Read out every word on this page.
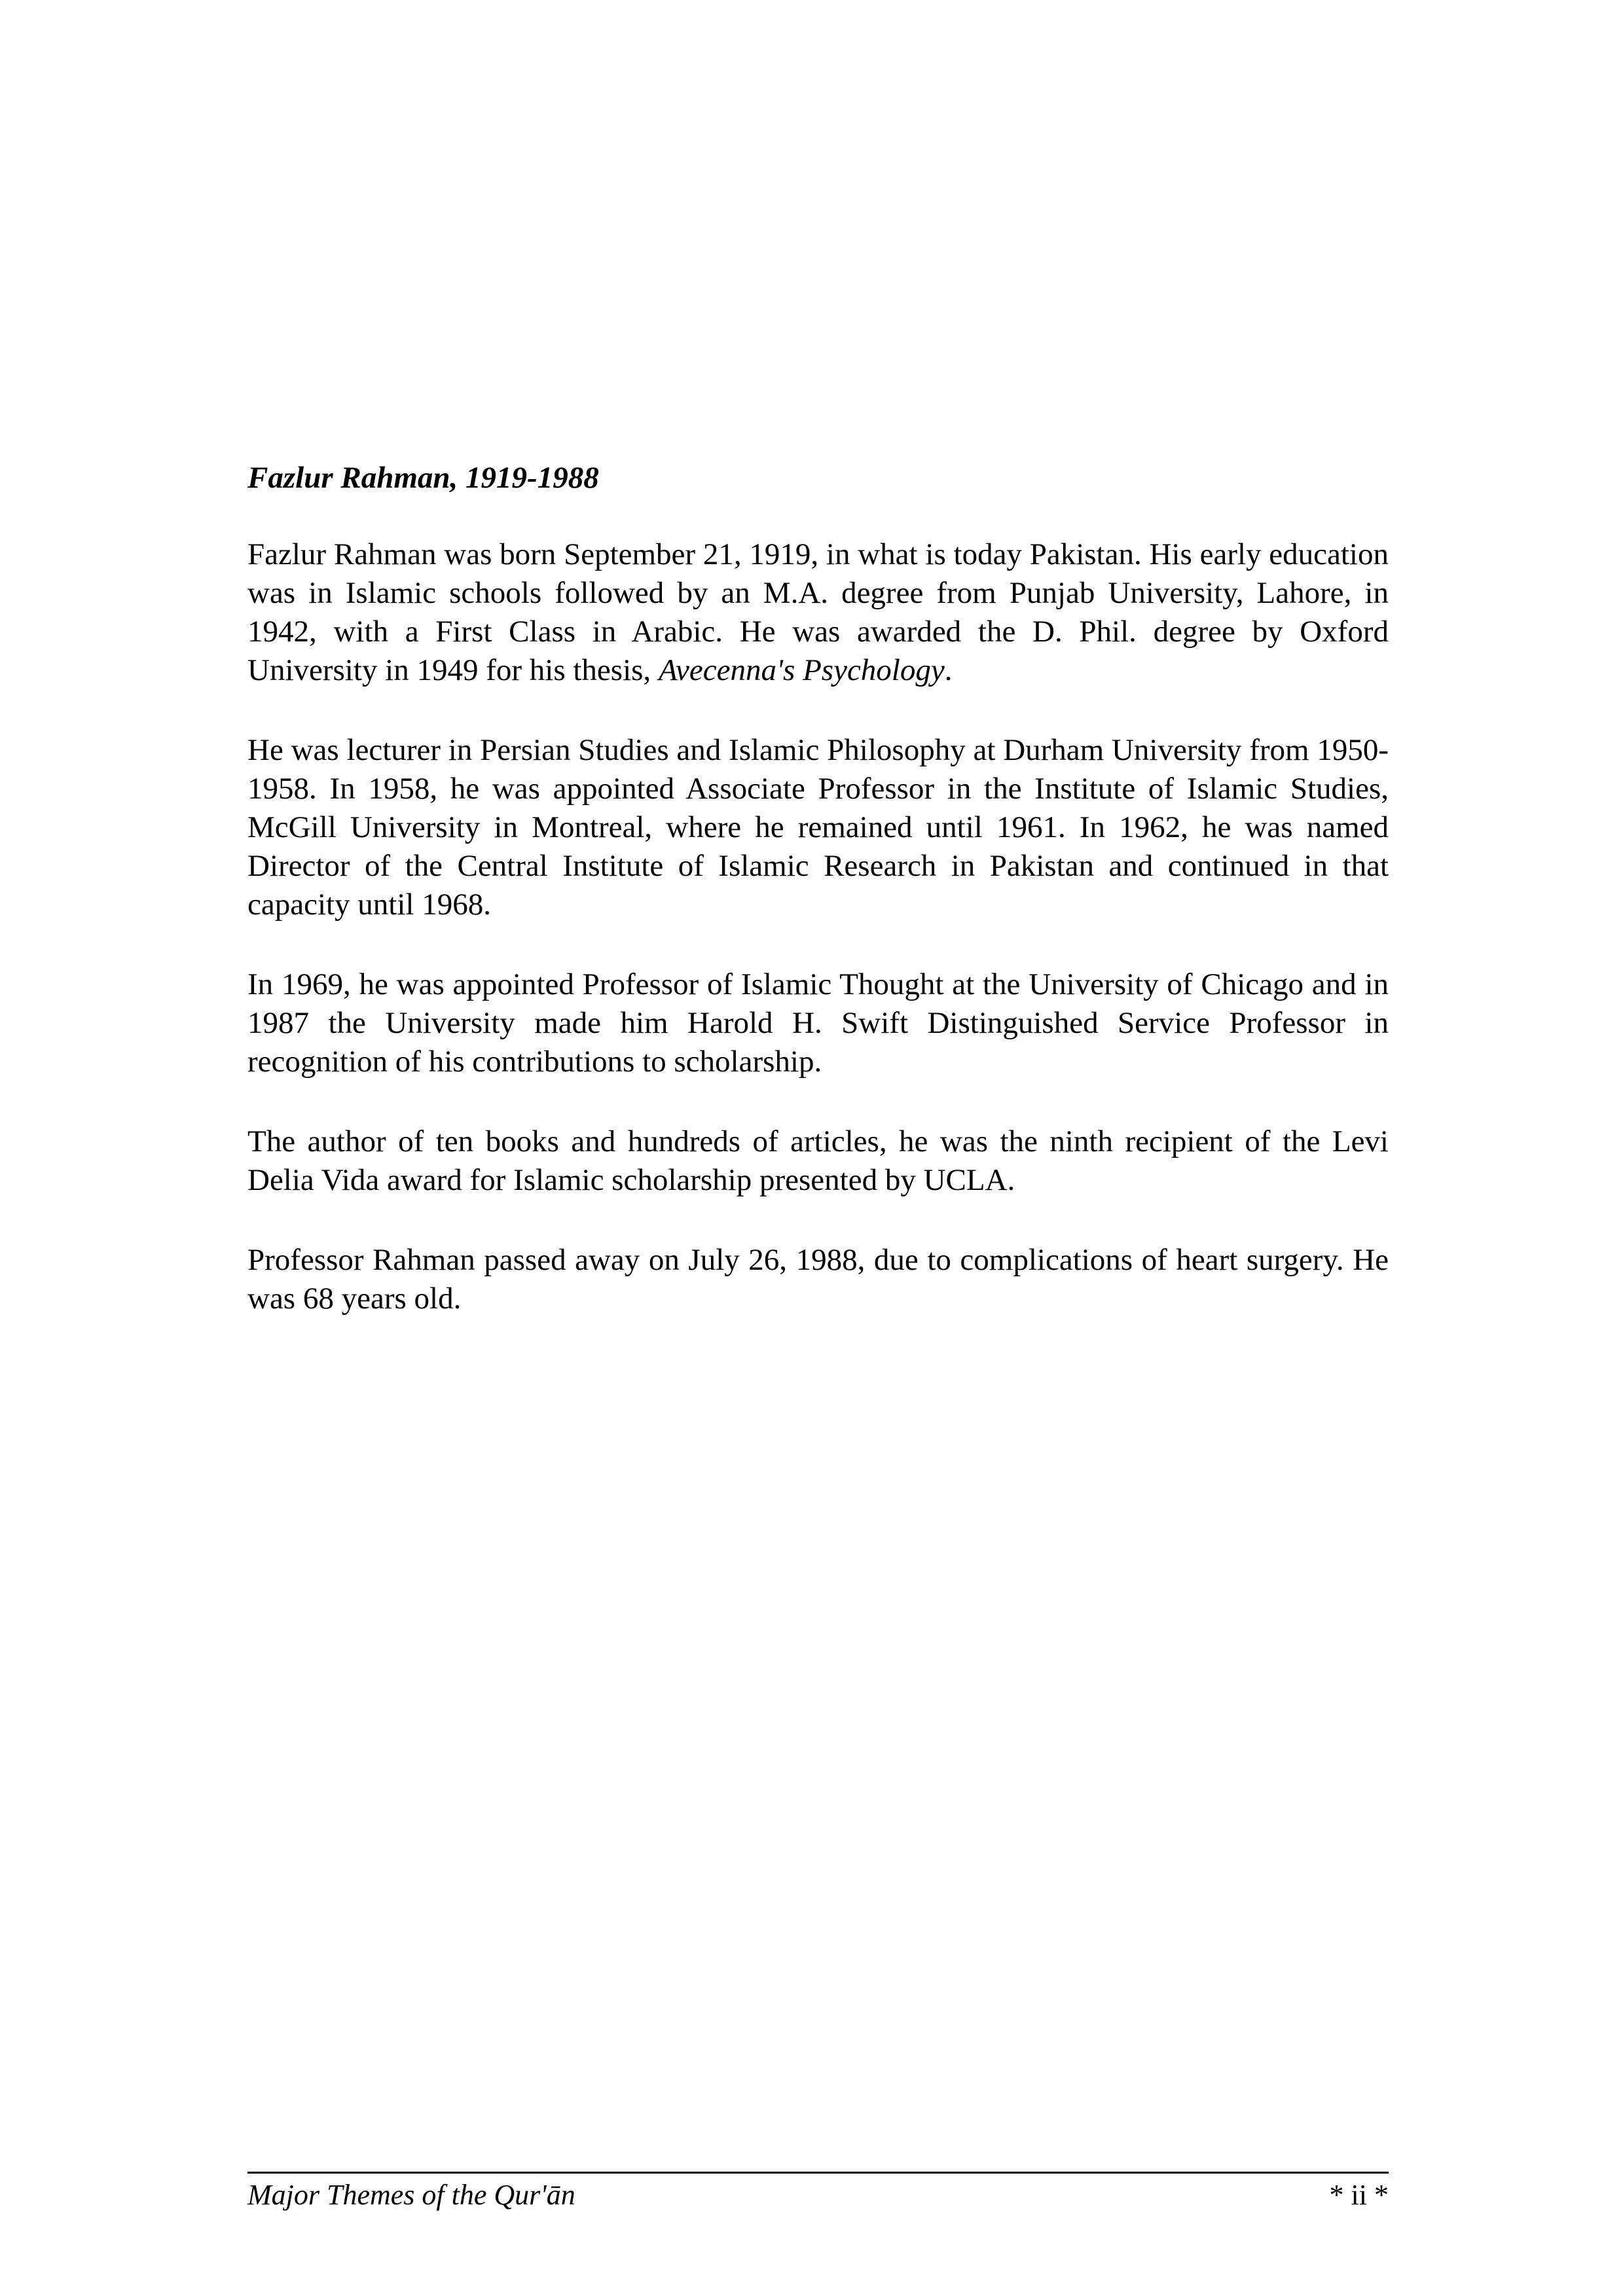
Fazlur Rahman, 1919-1988

Fazlur Rahman was born September 21, 1919, in what is today Pakistan. His early education was in Islamic schools followed by an M.A. degree from Punjab University, Lahore, in 1942, with a First Class in Arabic. He was awarded the D. Phil. degree by Oxford University in 1949 for his thesis, Avecenna's Psychology.

He was lecturer in Persian Studies and Islamic Philosophy at Durham University from 1950-1958. In 1958, he was appointed Associate Professor in the Institute of Islamic Studies, McGill University in Montreal, where he remained until 1961. In 1962, he was named Director of the Central Institute of Islamic Research in Pakistan and continued in that capacity until 1968.

In 1969, he was appointed Professor of Islamic Thought at the University of Chicago and in 1987 the University made him Harold H. Swift Distinguished Service Professor in recognition of his contributions to scholarship.

The author of ten books and hundreds of articles, he was the ninth recipient of the Levi Delia Vida award for Islamic scholarship presented by UCLA.

Professor Rahman passed away on July 26, 1988, due to complications of heart surgery. He was 68 years old.

Major Themes of the Qur'ān	* ii *
